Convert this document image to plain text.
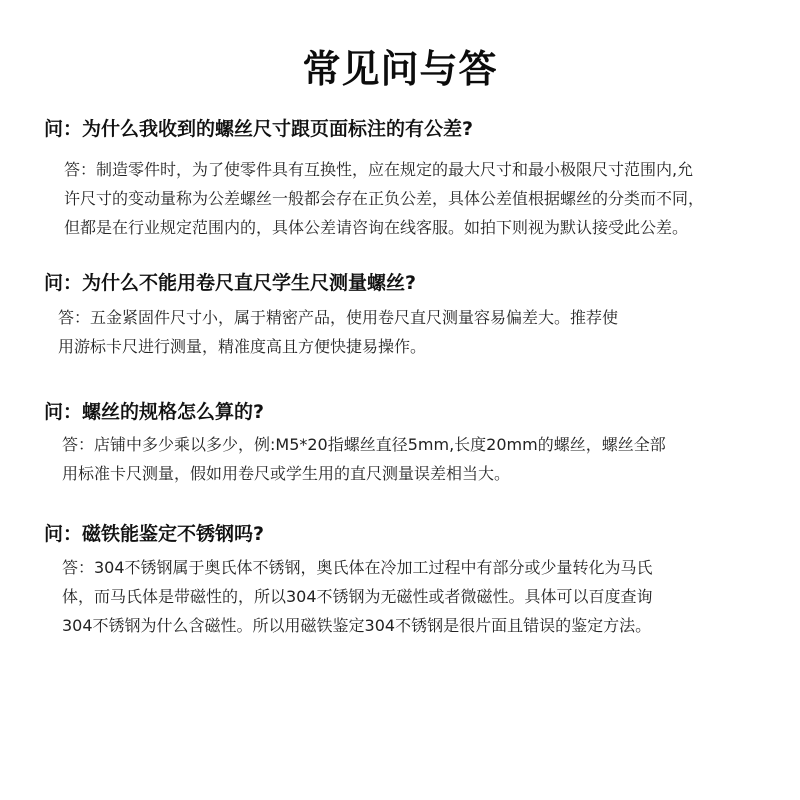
常见问与答
问：为什么我收到的螺丝尺寸跟页面标注的有公差?
答：制造零件时，为了使零件具有互换性，应在规定的最大尺寸和最小极限尺寸范围内,允
许尺寸的变动量称为公差螺丝一般都会存在正负公差，具体公差值根据螺丝的分类而不同，
但都是在行业规定范围内的，具体公差请咨询在线客服。如拍下则视为默认接受此公差。
问：为什么不能用卷尺直尺学生尺测量螺丝?
答：五金紧固件尺寸小，属于精密产品，使用卷尺直尺测量容易偏差大。推荐使
用游标卡尺进行测量，精准度高且方便快捷易操作。
问：螺丝的规格怎么算的?
答：店铺中多少乘以多少，例:M5*20指螺丝直径5mm,长度20mm的螺丝，螺丝全部
用标准卡尺测量，假如用卷尺或学生用的直尺测量误差相当大。
问：磁铁能鉴定不锈钢吗?
答：304不锈钢属于奥氏体不锈钢，奥氏体在冷加工过程中有部分或少量转化为马氏
体，而马氏体是带磁性的，所以304不锈钢为无磁性或者微磁性。具体可以百度查询
304不锈钢为什么含磁性。所以用磁铁鉴定304不锈钢是很片面且错误的鉴定方法。
